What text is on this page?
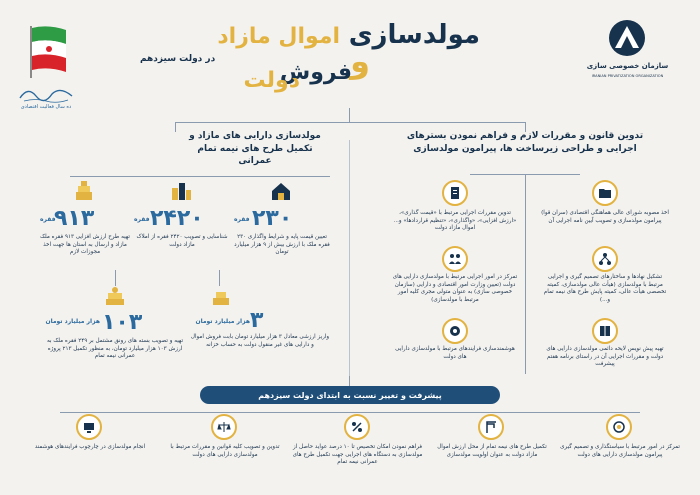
ده سال فعالیت اقتصادی
مولدسازی
و
فروش
اموال مازاد
دولت
در دولت سیزدهم
سازمان خصوصی سازی
IRANIAN PRIVATIZATION ORGANIZATION
مولدسازی دارایی های مازاد و تکمیل طرح های نیمه تمام عمرانی
۹۱۳
فقره
تهیه طرح ارزش افزایی ۹۱۳ فقره ملک مازاد و ارسال به استان ها جهت اخذ مجوزات لازم
۲۴۲۰
فقره
شناسایی و تصویب ۲۴۲۰ فقره از املاک مازاد دولت
۲۳۰
فقره
تعیین قیمت پایه و شرایط واگذاری ۲۳۰ فقره ملک با ارزش بیش از ۹ هزار میلیارد تومان
۱۰۳
هزار میلیارد تومان
تهیه و تصویب بسته های رونق مشتمل بر ۲۴۹ فقره ملک به ارزش ۱۰۳ هزار میلیارد تومان، به منظور تکمیل ۲۱۳ پروژه عمرانی نیمه تمام
۳
هزار میلیارد تومان
واریز ارزشی معادل ۳ هزار میلیارد تومان بابت فروش اموال و دارایی های غیر منقول دولت به حساب خزانه
تدوین قانون و مقررات لازم و فراهم نمودن بسترهای اجرایی و طراحی زیرساخت ها، پیرامون مولدسازی
اخذ مصوبه شورای عالی هماهنگی اقتصادی (سران قوا) پیرامون مولدسازی و تصویب آیین نامه اجرایی آن
تدوین مقررات اجرایی مرتبط با «قیمت گذاری»، «ارزش افزایی»، «واگذاری»، «تنظیم قراردادها» و... اموال مازاد دولت
تشکیل نهادها و ساختارهای تصمیم گیری و اجرایی مرتبط با مولدسازی (هیأت عالی مولدسازی، کمیته تخصصی هیأت عالی، کمیته پایش طرح های نیمه تمام و...)
تمرکز در امور اجرایی مرتبط با مولدسازی دارایی های دولت (تعیین وزارت امور اقتصادی و دارایی (سازمان خصوصی سازی) به عنوان متولی مجری کلیه امور مرتبط با مولدسازی)
تهیه پیش نویس لایحه دائمی مولدسازی دارایی های دولت و مقررات اجرایی آن در راستای برنامه هفتم پیشرفت
هوشمندسازی فرایندهای مرتبط با مولدسازی دارایی های دولت
پیشرفت و تغییر نسبت به ابتدای دولت سیزدهم
تمرکز در امور مرتبط با سیاستگذاری و تصمیم گیری پیرامون مولدسازی دارایی های دولت
تکمیل طرح های نیمه تمام از محل ارزش اموال مازاد دولت به عنوان اولویت مولدسازی
فراهم نمودن امکان تخصیص تا ۱۰ درصد عواید حاصل از مولدسازی به دستگاه های اجرایی جهت تکمیل طرح های عمرانی نیمه تمام
تدوین و تصویب کلیه قوانین و مقررات مرتبط با مولدسازی دارایی های دولت
انجام مولدسازی در چارچوب فرایندهای هوشمند
